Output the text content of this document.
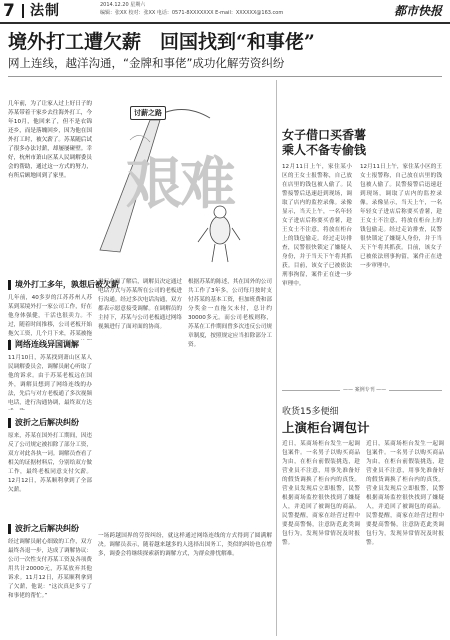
7 法制	2014.12.20 星期六
编辑：张XX 校对：张XX 电话：0571-8XXXXXXX E-mail：XXXXXX@163.com	都市快报
境外打工遭欠薪　回国找到“和事佬”
网上连线，越洋沟通，“金牌和事佬”成功化解劳资纠纷
几年前，为了让家人过上好日子的苏某带着干家乡去往海外打工，今年10月，他回来了，但不是衣锦还乡，而是落魄回乡，因为他在国外打工时，被欠薪了。苏某随后试了很多办法讨薪，却屡屡碰壁。幸好，杭州市萧山区某人民调解委员会的帮助，通过这一方式的努力，有所后顾地回到了家里。
讨薪之路
艰难
女子借口买香薯
乘人不备专偷钱
12月11日上午，家住某小区的王女士报警称，自己放在店里的钱包被人偷了。民警接警后迅速赶到现场，调取了店内的监控录像。录像显示，当天上午，一名年轻女子进店后称要买香薯，趁王女士不注意，将放在柜台上的钱包偷走。经过走访排查，民警很快锁定了嫌疑人身份，并于当天下午将其抓获。目前，该女子已被依法刑事拘留，案件正在进一步审理中。
12月11日上午，家住某小区的王女士报警称，自己放在店里的钱包被人偷了。民警接警后迅速赶到现场，调取了店内的监控录像。录像显示，当天上午，一名年轻女子进店后称要买香薯，趁王女士不注意，将放在柜台上的钱包偷走。经过走访排查，民警很快锁定了嫌疑人身份，并于当天下午将其抓获。目前，该女子已被依法刑事拘留，案件正在进一步审理中。
境外打工多年，孰想后被欠薪
几年前，40多岁的江苏苏州人苏某到某境外打一家公司工作，好在他身体强健，干活也很卖力。不过，随着时间推移，公司老板开始拖欠工资，几个月下来，苏某被拖
进行全面了解后，调解员决定通过电话方式与苏某所在公司的老板进行沟通。经过多次电话沟通，双方都表示愿意接受调解。在调解员的主持下，苏某与公司老板通过网络视频进行了面对面的协商。
根据苏某的陈述，其在国外的公司共工作了3年多，公司每月按时支付苏某的基本工资，但加班费和部分奖金一直拖欠未付，总计约30000多元。而公司老板则称，苏某在工作期间曾多次违反公司规章制度，按照规定应当扣除部分工资。
网络连线异国调解
11月10日，苏某找到萧山区某人民调解委员会，调解员耐心听取了他的诉求。由于苏某老板远在国外，调解员想到了网络连线的办法，先后与对方老板通了多次视频电话，进行沟通协调，最终双方达
波折之后解决纠纷
原来，苏某在国外打工期间，因违反了公司规定被扣除了部分工资，双方对此各执一词。调解员查看了相关的证据材料后，分别给双方做工作，最终老板同意支付欠薪。12月12日，苏某顺利拿到了全部欠薪。
波折之后解决纠纷
经过调解员耐心细致的工作，双方最终各退一步，达成了调解协议：公司一次性支付苏某工资及各项费用共计20000元，苏某放弃其他诉求。11月12日，苏某顺利拿到了欠薪，他说：“这次真是多亏了和事佬的帮忙。”
一场跨越国界的劳资纠纷，就这样通过网络连线的方式得到了圆满解决。调解员表示，随着越来越多的人选择出国务工，类似的纠纷也在增多，调委会将继续探索新的调解方式，为群众排忧解难。
—— 案例专刊 ——
收货15多便细
上演柜台调包计
近日，某商场柜台发生一起调包案件。一名男子以购买商品为由，在柜台前假装挑选，趁营业员不注意，用事先准备好的假货调换了柜台内的真货。营业员发现后立即报警，民警根据商场监控很快找到了嫌疑人，并追回了被调包的商品。民警提醒，商家在经营过程中要提高警惕，注意防范此类调包行为，发现异常情况及时报警。
近日，某商场柜台发生一起调包案件。一名男子以购买商品为由，在柜台前假装挑选，趁营业员不注意，用事先准备好的假货调换了柜台内的真货。营业员发现后立即报警，民警根据商场监控很快找到了嫌疑人，并追回了被调包的商品。民警提醒，商家在经营过程中要提高警惕，注意防范此类调包行为，发现异常情况及时报警。
